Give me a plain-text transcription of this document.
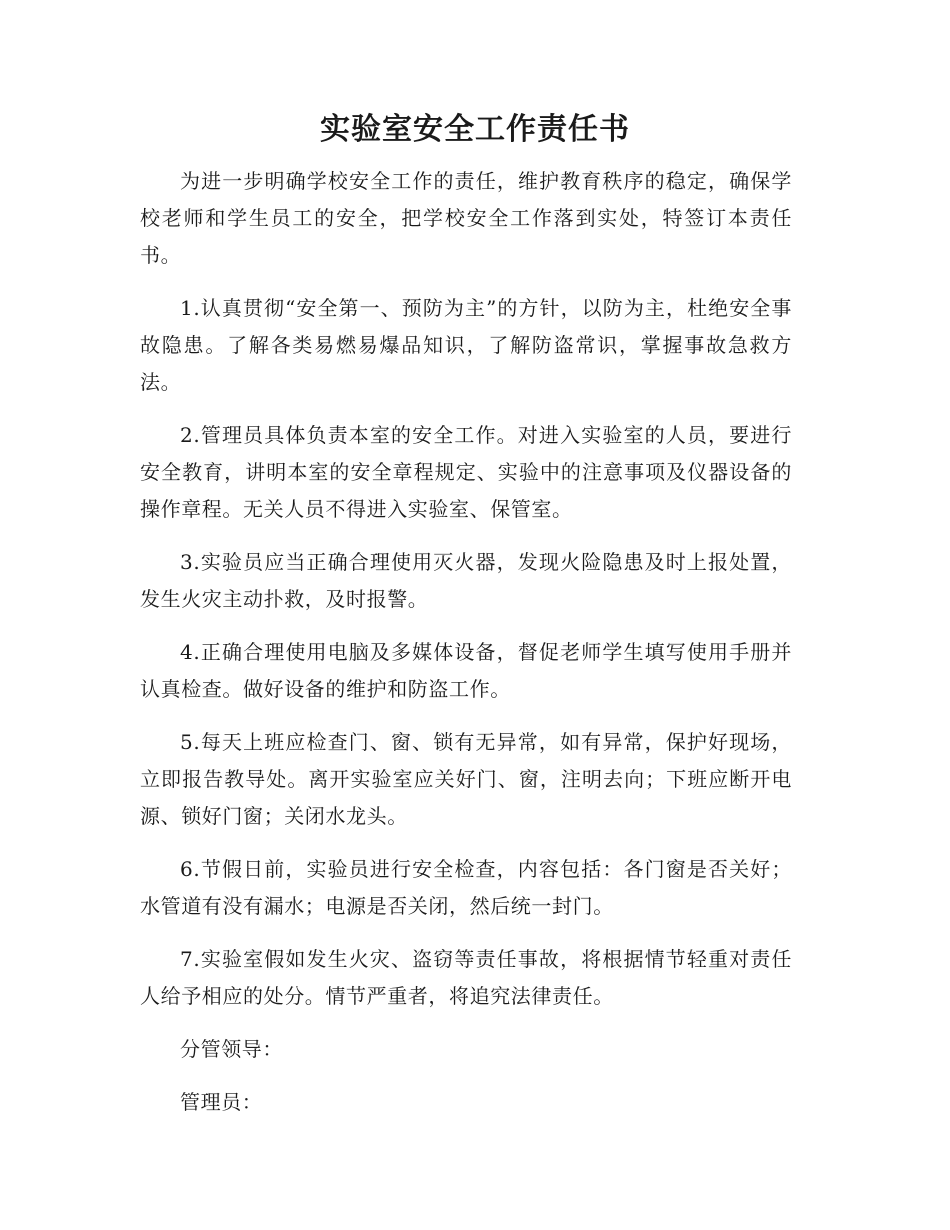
实验室安全工作责任书

为进一步明确学校安全工作的责任，维护教育秩序的稳定，确保学校老师和学生员工的安全，把学校安全工作落到实处，特签订本责任书。

1.认真贯彻“安全第一、预防为主”的方针，以防为主，杜绝安全事故隐患。了解各类易燃易爆品知识，了解防盗常识，掌握事故急救方法。

2.管理员具体负责本室的安全工作。对进入实验室的人员，要进行安全教育，讲明本室的安全章程规定、实验中的注意事项及仪器设备的操作章程。无关人员不得进入实验室、保管室。

3.实验员应当正确合理使用灭火器，发现火险隐患及时上报处置，发生火灾主动扑救，及时报警。

4.正确合理使用电脑及多媒体设备，督促老师学生填写使用手册并认真检查。做好设备的维护和防盗工作。

5.每天上班应检查门、窗、锁有无异常，如有异常，保护好现场，立即报告教导处。离开实验室应关好门、窗，注明去向；下班应断开电源、锁好门窗；关闭水龙头。

6.节假日前，实验员进行安全检查，内容包括：各门窗是否关好；水管道有没有漏水；电源是否关闭，然后统一封门。

7.实验室假如发生火灾、盗窃等责任事故，将根据情节轻重对责任人给予相应的处分。情节严重者，将追究法律责任。

分管领导：

管理员：
